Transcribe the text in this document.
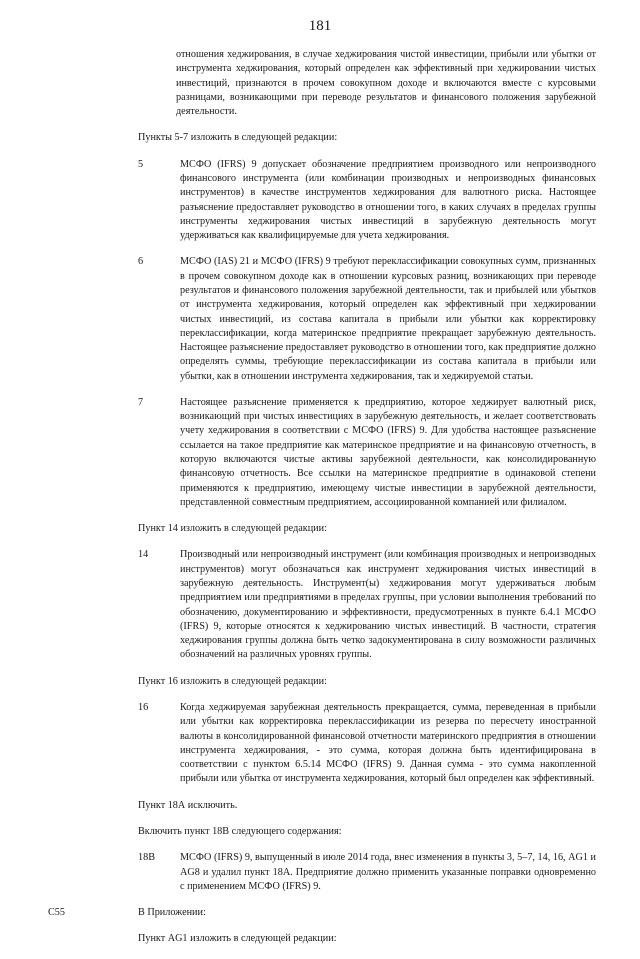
181

отношения хеджирования, в случае хеджирования чистой инвестиции, прибыли или убытки от инструмента хеджирования, который определен как эффективный при хеджировании чистых инвестиций, признаются в прочем совокупном доходе и включаются вместе с курсовыми разницами, возникающими при переводе результатов и финансового положения зарубежной деятельности.

Пункты 5-7 изложить в следующей редакции:

5	МСФО (IFRS) 9 допускает обозначение предприятием производного или непроизводного финансового инструмента (или комбинации производных и непроизводных финансовых инструментов) в качестве инструментов хеджирования для валютного риска. Настоящее разъяснение предоставляет руководство в отношении того, в каких случаях в пределах группы инструменты хеджирования чистых инвестиций в зарубежную деятельность могут удерживаться как квалифицируемые для учета хеджирования.
6	МСФО (IAS) 21 и МСФО (IFRS) 9 требуют переклассификации совокупных сумм, признанных в прочем совокупном доходе как в отношении курсовых разниц, возникающих при переводе результатов и финансового положения зарубежной деятельности, так и прибылей или убытков от инструмента хеджирования, который определен как эффективный при хеджировании чистых инвестиций, из состава капитала в прибыли или убытки как корректировку переклассификации, когда материнское предприятие прекращает зарубежную деятельность. Настоящее разъяснение предоставляет руководство в отношении того, как предприятие должно определять суммы, требующие переклассификации из состава капитала в прибыли или убытки, как в отношении инструмента хеджирования, так и хеджируемой статьи.
7	Настоящее разъяснение применяется к предприятию, которое хеджирует валютный риск, возникающий при чистых инвестициях в зарубежную деятельность, и желает соответствовать учету хеджирования в соответствии с МСФО (IFRS) 9. Для удобства настоящее разъяснение ссылается на такое предприятие как материнское предприятие и на финансовую отчетность, в которую включаются чистые активы зарубежной деятельности, как консолидированную финансовую отчетность. Все ссылки на материнское предприятие в одинаковой степени применяются к предприятию, имеющему чистые инвестиции в зарубежной деятельности, представленной совместным предприятием, ассоциированной компанией или филиалом.

Пункт 14 изложить в следующей редакции:

14	Производный или непроизводный инструмент (или комбинация производных и непроизводных инструментов) могут обозначаться как инструмент хеджирования чистых инвестиций в зарубежную деятельность. Инструмент(ы) хеджирования могут удерживаться любым предприятием или предприятиями в пределах группы, при условии выполнения требований по обозначению, документированию и эффективности, предусмотренных в пункте 6.4.1 МСФО (IFRS) 9, которые относятся к хеджированию чистых инвестиций. В частности, стратегия хеджирования группы должна быть четко задокументирована в силу возможности различных обозначений на различных уровнях группы.

Пункт 16 изложить в следующей редакции:

16	Когда хеджируемая зарубежная деятельность прекращается, сумма, переведенная в прибыли или убытки как корректировка переклассификации из резерва по пересчету иностранной валюты в консолидированной финансовой отчетности материнского предприятия в отношении инструмента хеджирования, - это сумма, которая должна быть идентифицирована в соответствии с пунктом 6.5.14 МСФО (IFRS) 9. Данная сумма - это сумма накопленной прибыли или убытка от инструмента хеджирования, который был определен как эффективный.

Пункт 18А исключить.

Включить пункт 18В следующего содержания:

18В	МСФО (IFRS) 9, выпущенный в июле 2014 года, внес изменения в пункты 3, 5–7, 14, 16, AG1 и AG8 и удалил пункт 18А. Предприятие должно применить указанные поправки одновременно с применением МСФО (IFRS) 9.
C55	В Приложении:

Пункт AG1 изложить в следующей редакции:
